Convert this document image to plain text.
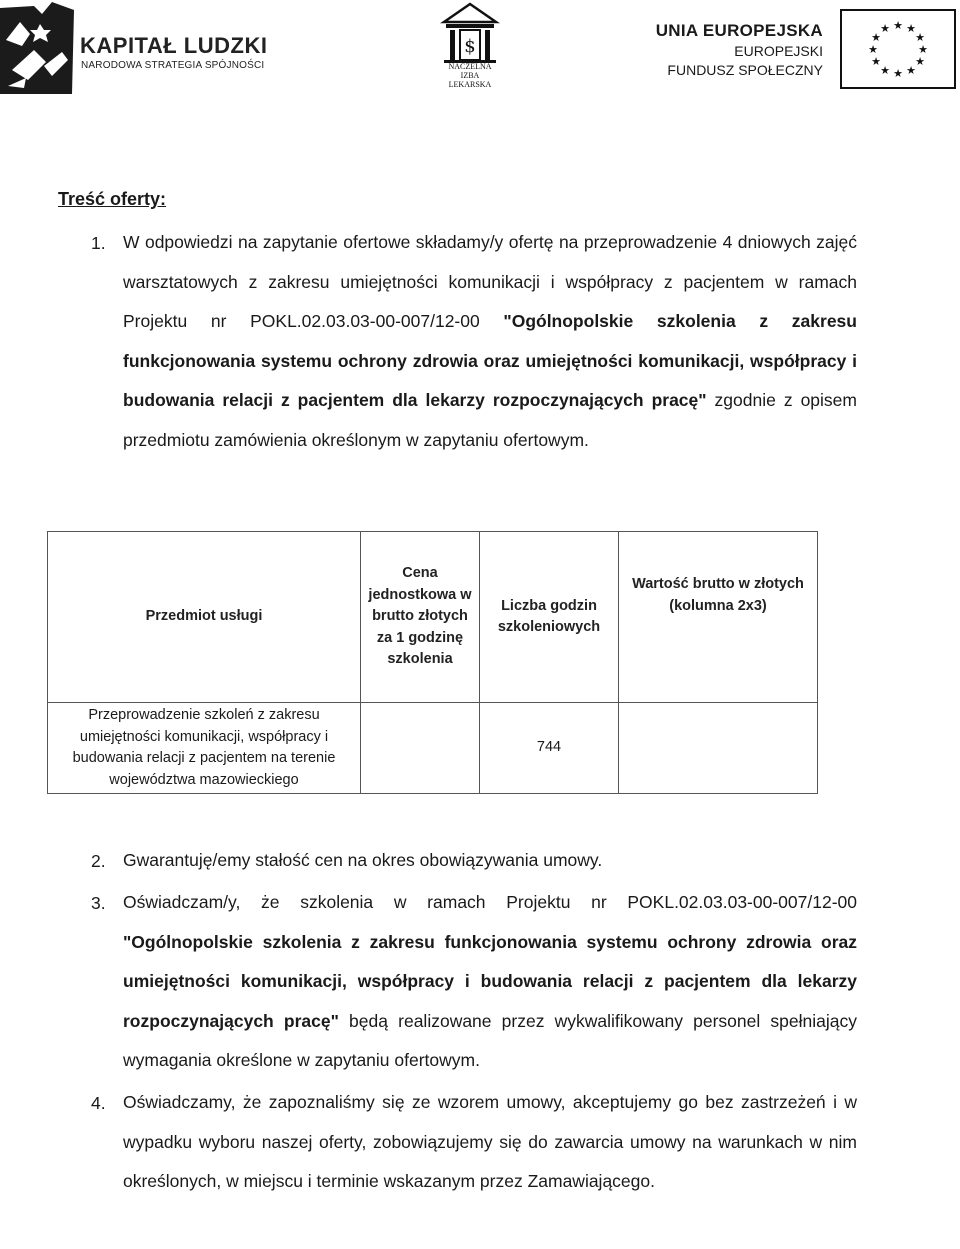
KAPITAŁ LUDZKI
NARODOWA STRATEGIA SPÓJNOŚCI
$
NACZELNA
IZBA LEKARSKA
UNIA EUROPEJSKA
EUROPEJSKI
FUNDUSZ SPOŁECZNY
★ ★
★
★
★
★
★
★
★
★
★
★
Treść oferty:
1. W odpowiedzi na zapytanie ofertowe składamy/y ofertę na przeprowadzenie 4 dniowych zajęć warsztatowych z zakresu umiejętności komunikacji i współpracy z pacjentem w ramach Projektu nr POKL.02.03.03-00-007/12-00 "Ogólnopolskie szkolenia z zakresu funkcjonowania systemu ochrony zdrowia oraz umiejętności komunikacji, współpracy i budowania relacji z pacjentem dla lekarzy rozpoczynających pracę" zgodnie z opisem przedmiotu zamówienia określonym w zapytaniu ofertowym.
Przedmiot usługi	Cena jednostkowa w brutto złotych za 1 godzinę szkolenia	Liczba godzin szkoleniowych	Wartość brutto w złotych (kolumna 2x3)
Przeprowadzenie szkoleń z zakresu umiejętności komunikacji, współpracy i budowania relacji z pacjentem na terenie województwa mazowieckiego		744	
2. Gwarantuję/emy stałość cen na okres obowiązywania umowy.
3. Oświadczam/y, że szkolenia w ramach Projektu nr POKL.02.03.03-00-007/12-00 "Ogólnopolskie szkolenia z zakresu funkcjonowania systemu ochrony zdrowia oraz umiejętności komunikacji, współpracy i budowania relacji z pacjentem dla lekarzy rozpoczynających pracę" będą realizowane przez wykwalifikowany personel spełniający wymagania określone w zapytaniu ofertowym.
4. Oświadczamy, że zapoznaliśmy się ze wzorem umowy, akceptujemy go bez zastrzeżeń i w wypadku wyboru naszej oferty, zobowiązujemy się do zawarcia umowy na warunkach w nim określonych, w miejscu i terminie wskazanym przez Zamawiającego.
